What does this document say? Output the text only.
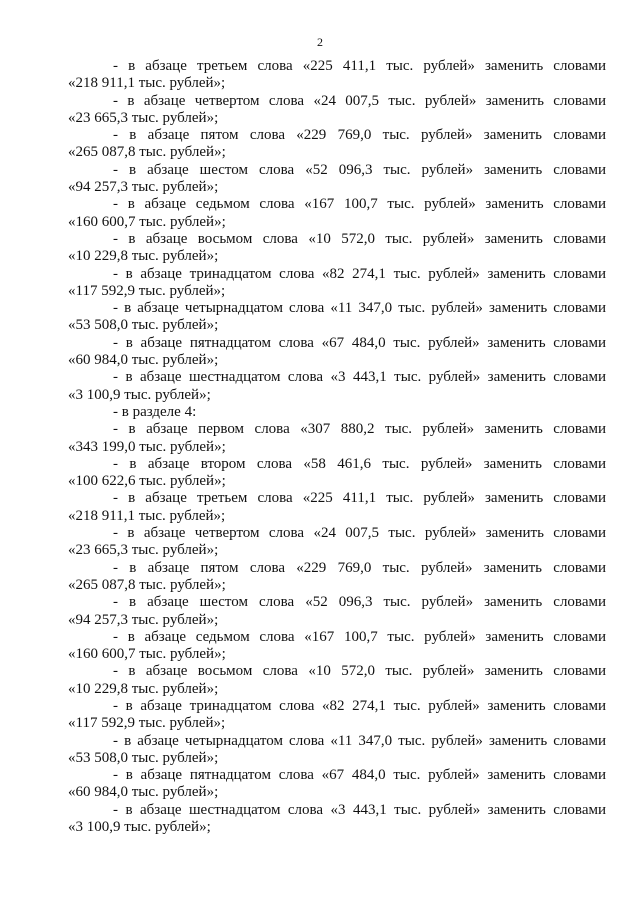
2
- в абзаце третьем слова «225 411,1 тыс. рублей» заменить словами
«218 911,1 тыс. рублей»;
- в абзаце четвертом слова «24 007,5 тыс. рублей» заменить словами
«23 665,3 тыс. рублей»;
- в абзаце пятом слова «229 769,0 тыс. рублей» заменить словами
«265 087,8 тыс. рублей»;
- в абзаце шестом слова «52 096,3 тыс. рублей» заменить словами
«94 257,3 тыс. рублей»;
- в абзаце седьмом слова «167 100,7 тыс. рублей» заменить словами
«160 600,7 тыс. рублей»;
- в абзаце восьмом слова «10 572,0 тыс. рублей» заменить словами
«10 229,8 тыс. рублей»;
- в абзаце тринадцатом слова «82 274,1 тыс. рублей» заменить словами
«117 592,9 тыс. рублей»;
- в абзаце четырнадцатом слова «11 347,0 тыс. рублей» заменить словами
«53 508,0 тыс. рублей»;
- в абзаце пятнадцатом слова «67 484,0 тыс. рублей» заменить словами
«60 984,0 тыс. рублей»;
- в абзаце шестнадцатом слова «3 443,1 тыс. рублей» заменить словами
«3 100,9 тыс. рублей»;
- в разделе 4:
- в абзаце первом слова «307 880,2 тыс. рублей» заменить словами
«343 199,0 тыс. рублей»;
- в абзаце втором слова «58 461,6 тыс. рублей» заменить словами
«100 622,6 тыс. рублей»;
- в абзаце третьем слова «225 411,1 тыс. рублей» заменить словами
«218 911,1 тыс. рублей»;
- в абзаце четвертом слова «24 007,5 тыс. рублей» заменить словами
«23 665,3 тыс. рублей»;
- в абзаце пятом слова «229 769,0 тыс. рублей» заменить словами
«265 087,8 тыс. рублей»;
- в абзаце шестом слова «52 096,3 тыс. рублей» заменить словами
«94 257,3 тыс. рублей»;
- в абзаце седьмом слова «167 100,7 тыс. рублей» заменить словами
«160 600,7 тыс. рублей»;
- в абзаце восьмом слова «10 572,0 тыс. рублей» заменить словами
«10 229,8 тыс. рублей»;
- в абзаце тринадцатом слова «82 274,1 тыс. рублей» заменить словами
«117 592,9 тыс. рублей»;
- в абзаце четырнадцатом слова «11 347,0 тыс. рублей» заменить словами
«53 508,0 тыс. рублей»;
- в абзаце пятнадцатом слова «67 484,0 тыс. рублей» заменить словами
«60 984,0 тыс. рублей»;
- в абзаце шестнадцатом слова «3 443,1 тыс. рублей» заменить словами
«3 100,9 тыс. рублей»;
